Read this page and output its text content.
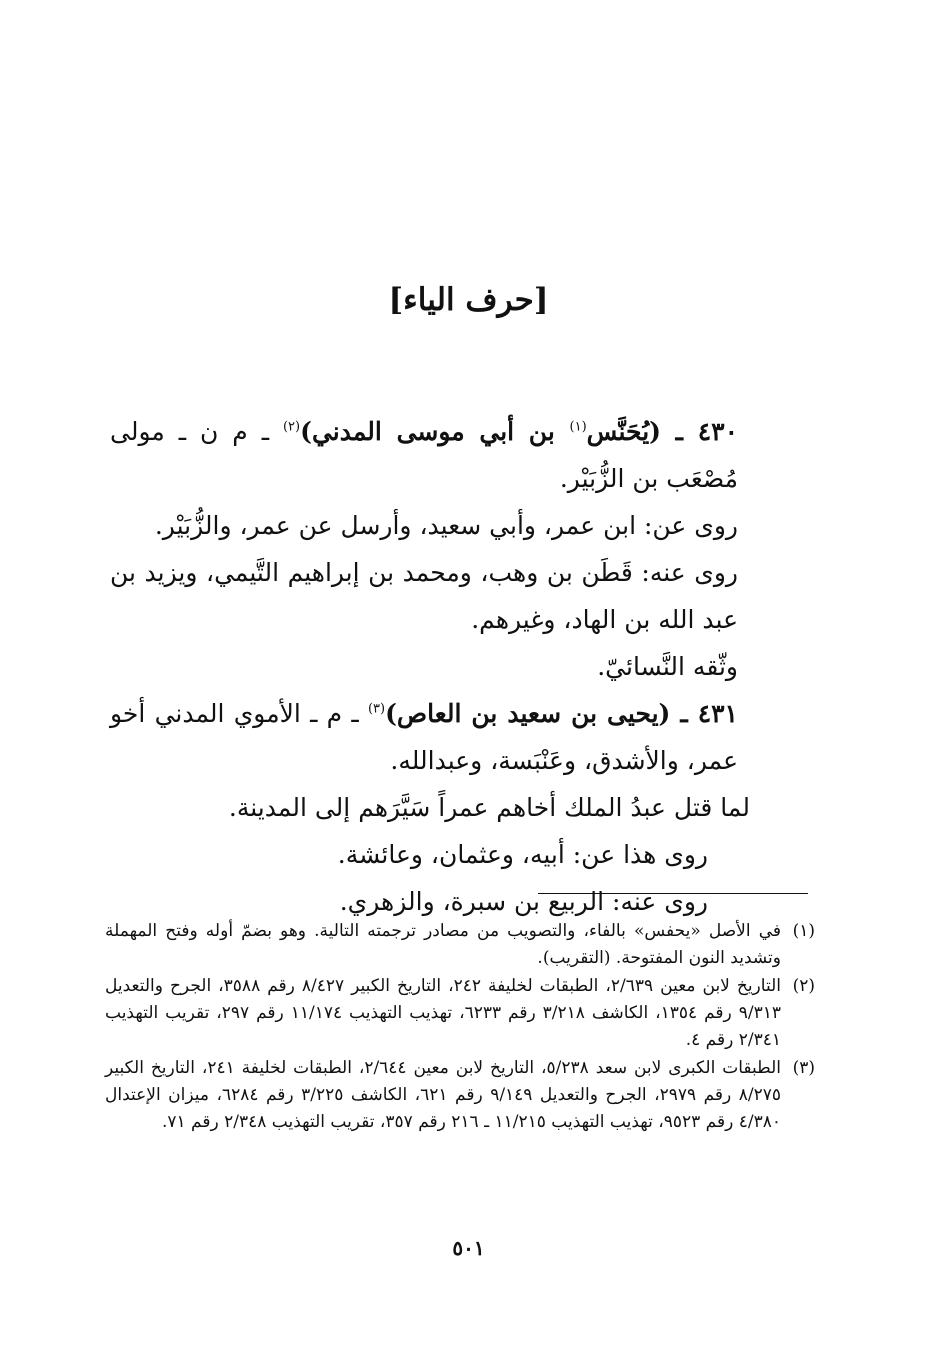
[حرف الياء]

٤٣٠ ـ (يُحَنَّس$^{(١)}$ بن أبي موسى المدني)$^{(٢)}$ ـ م ن ـ مولى مُصْعَب بن الزُّبَيْر.

روى عن: ابن عمر، وأبي سعيد، وأرسل عن عمر، والزُّبَيْر.

روى عنه: قَطَن بن وهب، ومحمد بن إبراهيم التَّيمي، ويزيد بن عبد الله بن الهاد، وغيرهم.

وثّقه النَّسائيّ.

٤٣١ ـ (يحيى بن سعيد بن العاص)$^{(٣)}$ ـ م ـ الأموي المدني أخو عمر، والأشدق، وعَنْبَسة، وعبدالله.

لما قتل عبدُ الملك أخاهم عمراً سَيَّرَهم إلى المدينة.

روى هذا عن: أبيه، وعثمان، وعائشة.

روى عنه: الربيع بن سبرة، والزهري.

(١)
في الأصل «يحفس» بالفاء، والتصويب من مصادر ترجمته التالية. وهو بضمّ أوله وفتح المهملة وتشديد النون المفتوحة. (التقريب).
(٢)
التاريخ لابن معين ٢/٦٣٩، الطبقات لخليفة ٢٤٢، التاريخ الكبير ٨/٤٢٧ رقم ٣٥٨٨، الجرح والتعديل ٩/٣١٣ رقم ١٣٥٤، الكاشف ٣/٢١٨ رقم ٦٢٣٣، تهذيب التهذيب ١١/١٧٤ رقم ٢٩٧، تقريب التهذيب ٢/٣٤١ رقم ٤.
(٣)
الطبقات الكبرى لابن سعد ٥/٢٣٨، التاريخ لابن معين ٢/٦٤٤، الطبقات لخليفة ٢٤١، التاريخ الكبير ٨/٢٧٥ رقم ٢٩٧٩، الجرح والتعديل ٩/١٤٩ رقم ٦٢١، الكاشف ٣/٢٢٥ رقم ٦٢٨٤، ميزان الإعتدال ٤/٣٨٠ رقم ٩٥٢٣، تهذيب التهذيب ١١/٢١٥ ـ ٢١٦ رقم ٣٥٧، تقريب التهذيب ٢/٣٤٨ رقم ٧١.
٥٠١
